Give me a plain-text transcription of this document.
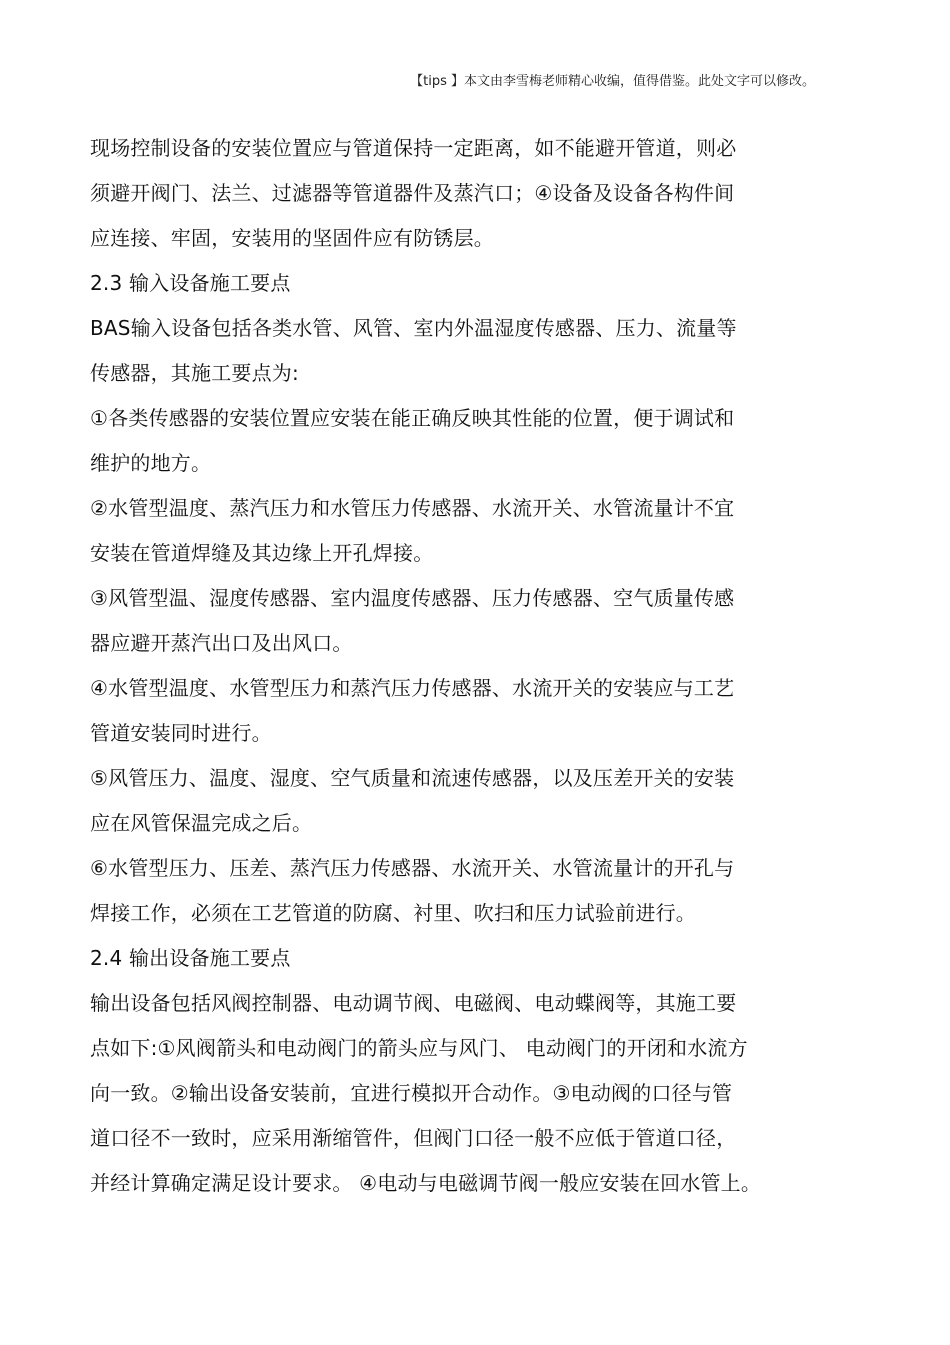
【tips 】本文由李雪梅老师精心收编，值得借鉴。此处文字可以修改。
现场控制设备的安装位置应与管道保持一定距离，如不能避开管道，则必
须避开阀门、法兰、过滤器等管道器件及蒸汽口；④设备及设备各构件间
应连接、牢固，安装用的坚固件应有防锈层。
2.3 输入设备施工要点
BAS输入设备包括各类水管、风管、室内外温湿度传感器、压力、流量等
传感器，其施工要点为:
①各类传感器的安装位置应安装在能正确反映其性能的位置，便于调试和
维护的地方。
②水管型温度、蒸汽压力和水管压力传感器、水流开关、水管流量计不宜
安装在管道焊缝及其边缘上开孔焊接。
③风管型温、湿度传感器、室内温度传感器、压力传感器、空气质量传感
器应避开蒸汽出口及出风口。
④水管型温度、水管型压力和蒸汽压力传感器、水流开关的安装应与工艺
管道安装同时进行。
⑤风管压力、温度、湿度、空气质量和流速传感器，以及压差开关的安装
应在风管保温完成之后。
⑥水管型压力、压差、蒸汽压力传感器、水流开关、水管流量计的开孔与
焊接工作，必须在工艺管道的防腐、衬里、吹扫和压力试验前进行。
2.4 输出设备施工要点
输出设备包括风阀控制器、电动调节阀、电磁阀、电动蝶阀等，其施工要
点如下:①风阀箭头和电动阀门的箭头应与风门、 电动阀门的开闭和水流方
向一致。②输出设备安装前，宜进行模拟开合动作。③电动阀的口径与管
道口径不一致时，应采用渐缩管件，但阀门口径一般不应低于管道口径，
并经计算确定满足设计要求。 ④电动与电磁调节阀一般应安装在回水管上。
